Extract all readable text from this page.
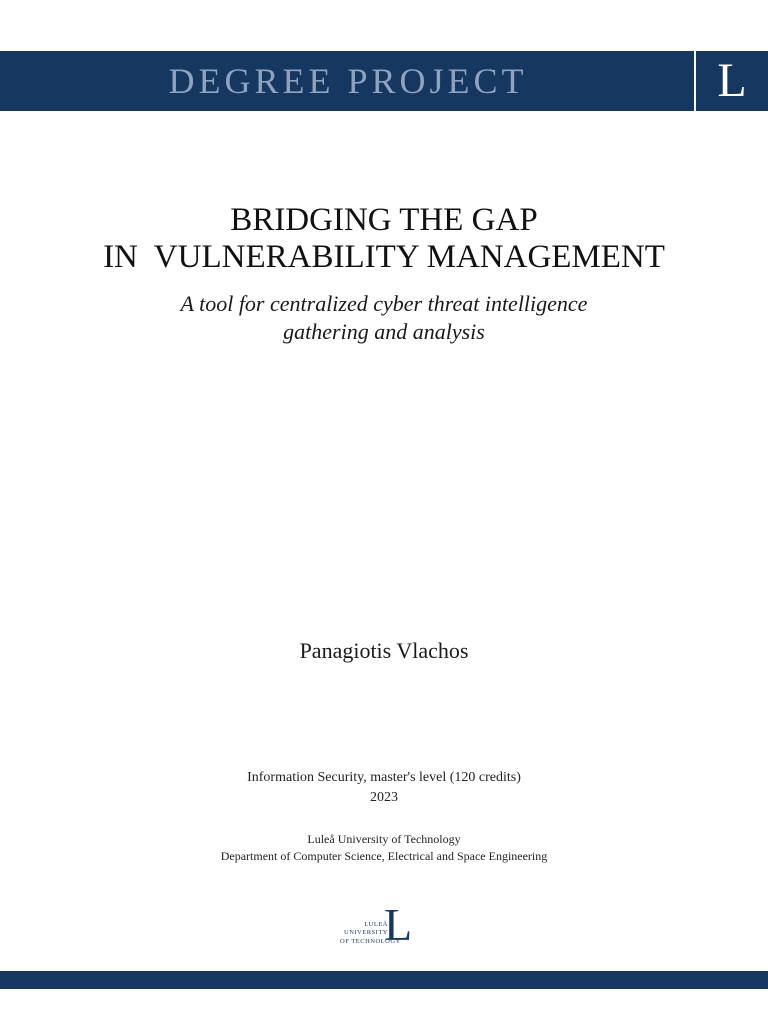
DEGREE PROJECT	L
BRIDGING THE GAP
IN  VULNERABILITY MANAGEMENT
A tool for centralized cyber threat intelligence
gathering and analysis
Panagiotis Vlachos
Information Security, master's level (120 credits)
2023
Luleå University of Technology
Department of Computer Science, Electrical and Space Engineering
LULEÅ
UNIVERSITY
OF TECHNOLOGY
L
